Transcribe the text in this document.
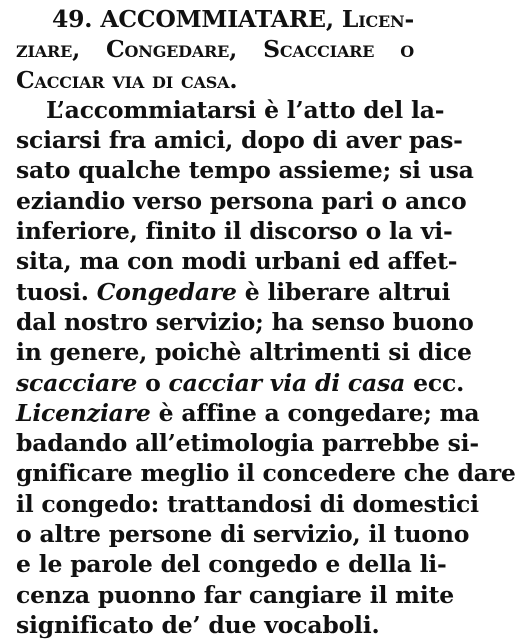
49. ACCOMMIATARE, Licen-
ziare, Congedare, Scacciare o
Cacciar via di casa.
L’accommiatarsi è l’atto del la-
sciarsi fra amici, dopo di aver pas-
sato qualche tempo assieme; si usa
eziandio verso persona pari o anco
inferiore, finito il discorso o la vi-
sita, ma con modi urbani ed affet-
tuosi. Congedare è liberare altrui
dal nostro servizio; ha senso buono
in genere, poichè altrimenti si dice
scacciare o cacciar via di casa ecc.
Licenziare è affine a congedare; ma
badando all’etimologia parrebbe si-
gnificare meglio il concedere che dare
il congedo: trattandosi di domestici
o altre persone di servizio, il tuono
e le parole del congedo e della li-
cenza puonno far cangiare il mite
significato de’ due vocaboli.
